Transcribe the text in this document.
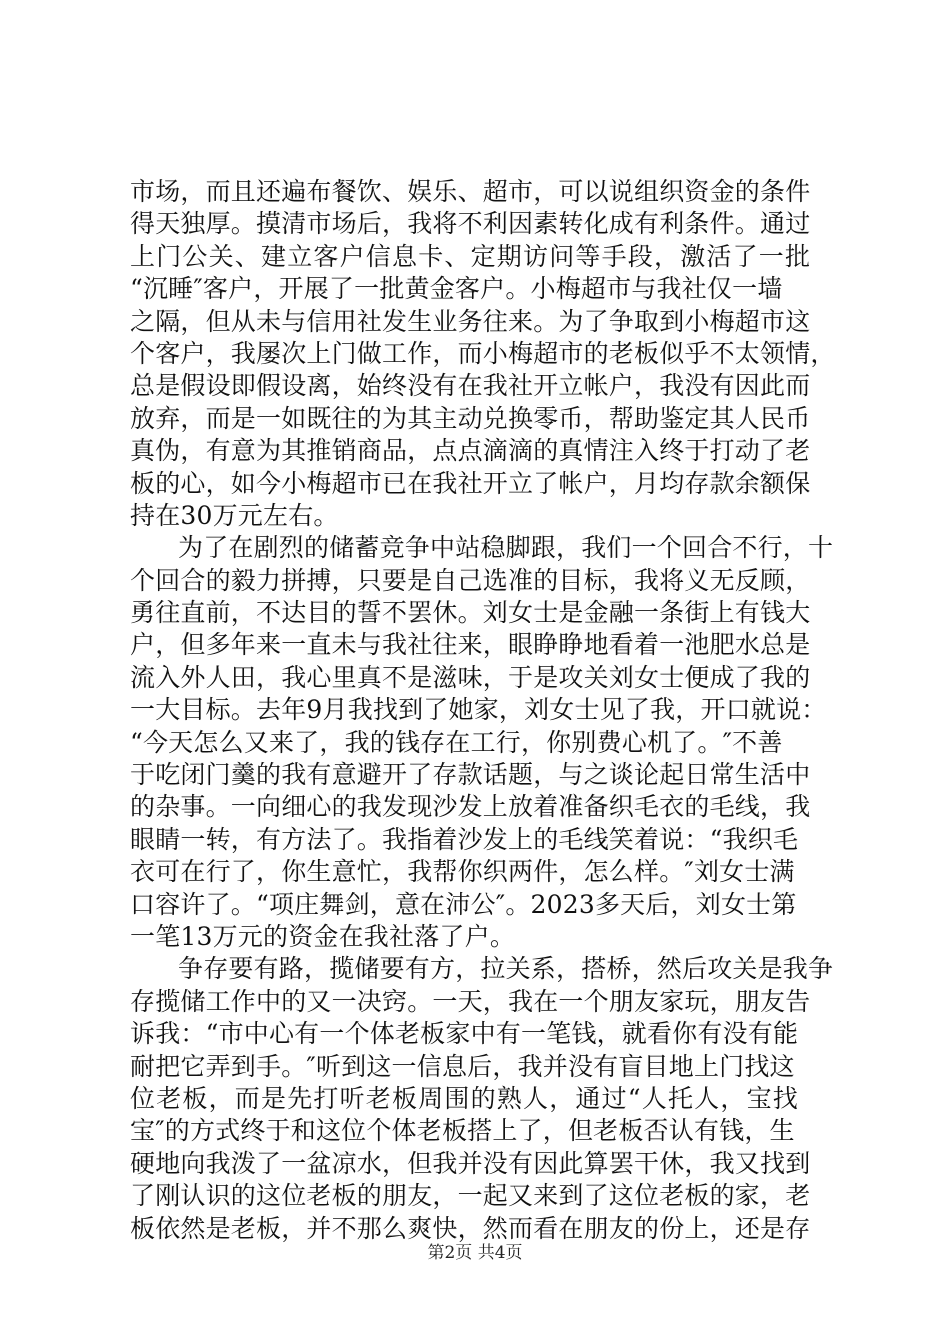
市场，而且还遍布餐饮、娱乐、超市，可以说组织资金的条件
得天独厚。摸清市场后，我将不利因素转化成有利条件。通过
上门公关、建立客户信息卡、定期访问等手段，激活了一批
“沉睡″客户，开展了一批黄金客户。小梅超市与我社仅一墙
之隔，但从未与信用社发生业务往来。为了争取到小梅超市这
个客户，我屡次上门做工作，而小梅超市的老板似乎不太领情，
总是假设即假设离，始终没有在我社开立帐户，我没有因此而
放弃，而是一如既往的为其主动兑换零币，帮助鉴定其人民币
真伪，有意为其推销商品，点点滴滴的真情注入终于打动了老
板的心，如今小梅超市已在我社开立了帐户，月均存款余额保
持在30万元左右。
为了在剧烈的储蓄竞争中站稳脚跟，我们一个回合不行，十
个回合的毅力拼搏，只要是自己选准的目标，我将义无反顾，
勇往直前，不达目的誓不罢休。刘女士是金融一条街上有钱大
户，但多年来一直未与我社往来，眼睁睁地看着一池肥水总是
流入外人田，我心里真不是滋味，于是攻关刘女士便成了我的
一大目标。去年9月我找到了她家，刘女士见了我，开口就说：
“今天怎么又来了，我的钱存在工行，你别费心机了。″不善
于吃闭门羹的我有意避开了存款话题，与之谈论起日常生活中
的杂事。一向细心的我发现沙发上放着准备织毛衣的毛线，我
眼睛一转，有方法了。我指着沙发上的毛线笑着说：“我织毛
衣可在行了，你生意忙，我帮你织两件，怎么样。″刘女士满
口容许了。“项庄舞剑，意在沛公″。2023多天后，刘女士第
一笔13万元的资金在我社落了户。
争存要有路，揽储要有方，拉关系，搭桥，然后攻关是我争
存揽储工作中的又一决窍。一天，我在一个朋友家玩，朋友告
诉我：“市中心有一个体老板家中有一笔钱，就看你有没有能
耐把它弄到手。″听到这一信息后，我并没有盲目地上门找这
位老板，而是先打听老板周围的熟人，通过“人托人，宝找
宝″的方式终于和这位个体老板搭上了，但老板否认有钱，生
硬地向我泼了一盆凉水，但我并没有因此算罢干休，我又找到
了刚认识的这位老板的朋友，一起又来到了这位老板的家，老
板依然是老板，并不那么爽快，然而看在朋友的份上，还是存
第2页 共4页
